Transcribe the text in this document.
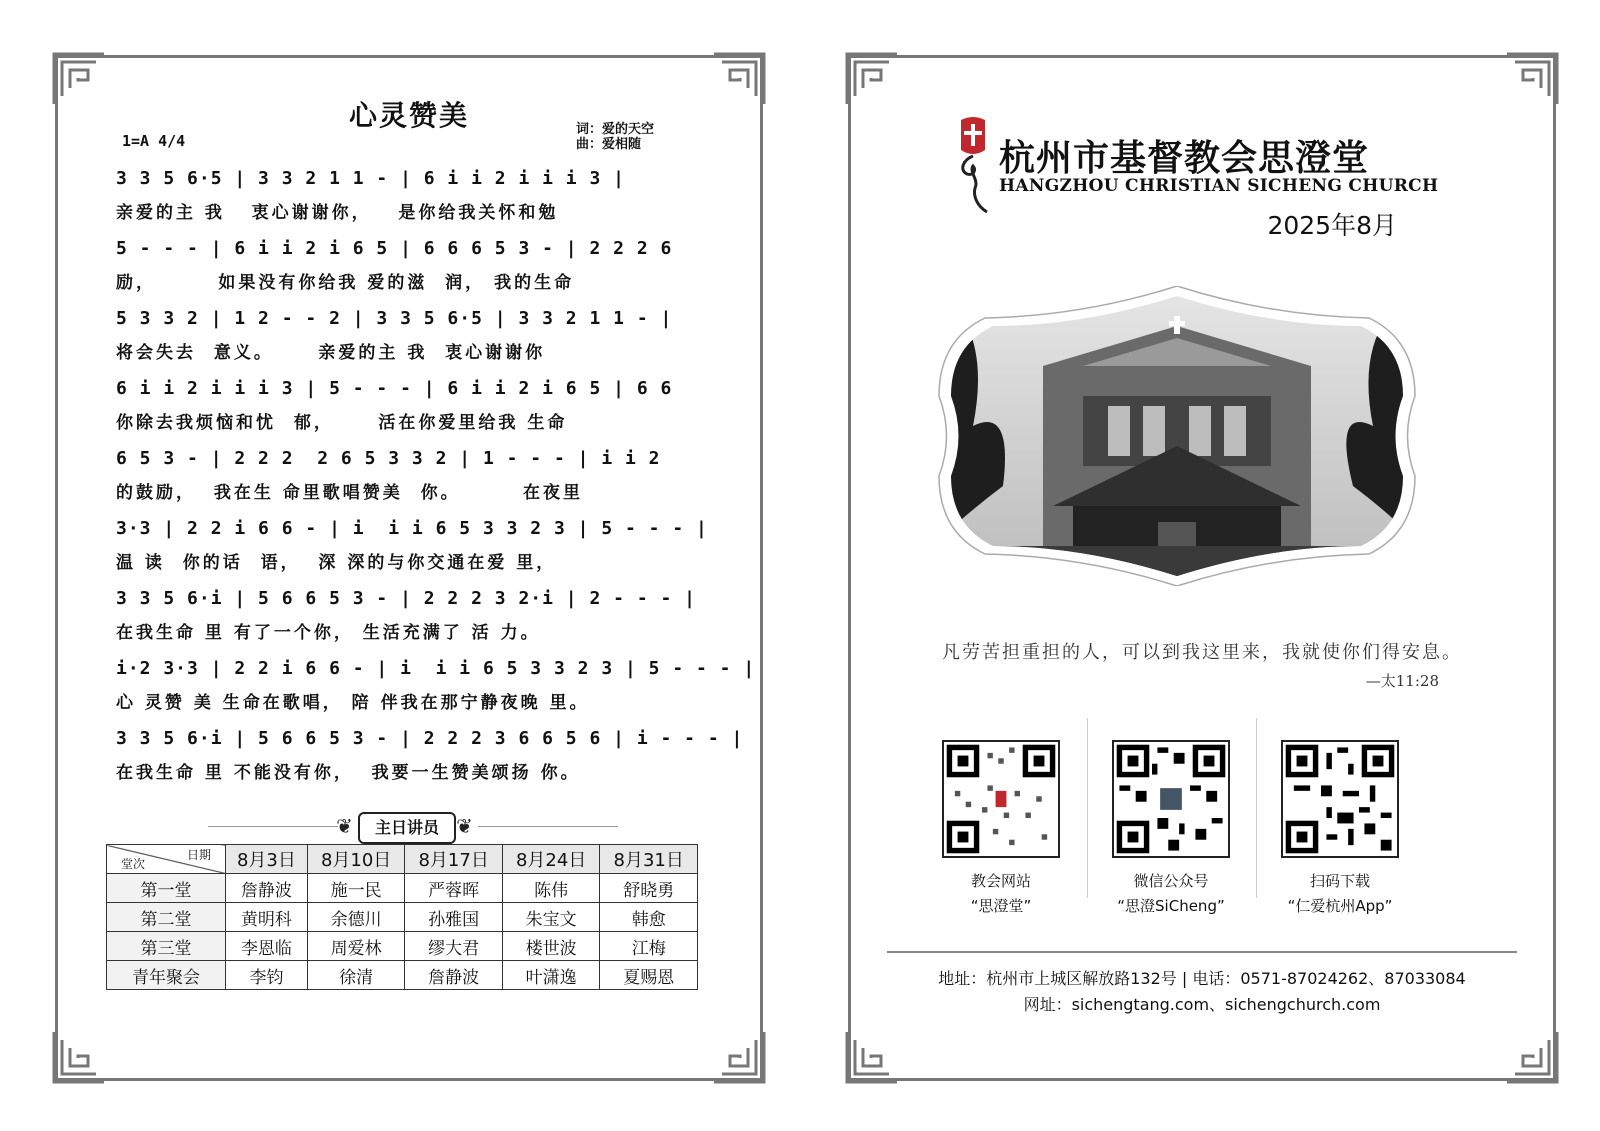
心灵赞美
1=A 4/4
词：爱的天空
曲：爱相随
3 3 5 6·5 | 3 3 2 1 1 - | 6 i i 2 i i i 3 |
亲爱的主 我   衷心谢谢你，   是你给我关怀和勉
5 - - - | 6 i i 2 i 6 5 | 6 6 6 5 3 - | 2 2 2 6
励，       如果没有你给我 爱的滋  润， 我的生命
5 3 3 2 | 1 2 - - 2 | 3 3 5 6·5 | 3 3 2 1 1 - |
将会失去  意义。     亲爱的主 我  衷心谢谢你
6 i i 2 i i i 3 | 5 - - - | 6 i i 2 i 6 5 | 6 6
你除去我烦恼和忧  郁，     活在你爱里给我 生命
6 5 3 - | 2 2 2  2 6 5 3 3 2 | 1 - - - | i i 2
的鼓励，  我在生 命里歌唱赞美  你。       在夜里
3·3 | 2 2 i 6 6 - | i  i i 6 5 3 3 2 3 | 5 - - - |
温 读  你的话  语，  深 深的与你交通在爱 里，
3 3 5 6·i | 5 6 6 5 3 - | 2 2 2 3 2·i | 2 - - - |
在我生命 里 有了一个你， 生活充满了 活 力。
i·2 3·3 | 2 2 i 6 6 - | i  i i 6 5 3 3 2 3 | 5 - - - |
心 灵赞 美 生命在歌唱， 陪 伴我在那宁静夜晚 里。
3 3 5 6·i | 5 6 6 5 3 - | 2 2 2 3 6 6 5 6 | i - - - |
在我生命 里 不能没有你，  我要一生赞美颂扬 你。
❦	主日讲员 ❦
日期
堂次	8月3日	8月10日	8月17日	8月24日	8月31日
第一堂	詹静波	施一民	严蓉晖	陈伟	舒晓勇
第二堂	黄明科	余德川	孙雅国	朱宝文	韩愈
第三堂	李恩临	周爱林	缪大君	楼世波	江梅
青年聚会	李钧	徐清	詹静波	叶潇逸	夏赐恩
杭州市基督教会思澄堂
HANGZHOU CHRISTIAN SICHENG CHURCH
2025年8月
凡劳苦担重担的人，可以到我这里来，我就使你们得安息。
—太11:28
教会网站
“思澄堂”
微信公众号
“思澄SiCheng”
扫码下载
“仁爱杭州App”
地址：杭州市上城区解放路132号 | 电话：0571-87024262、87033084
网址：sichengtang.com、sichengchurch.com
